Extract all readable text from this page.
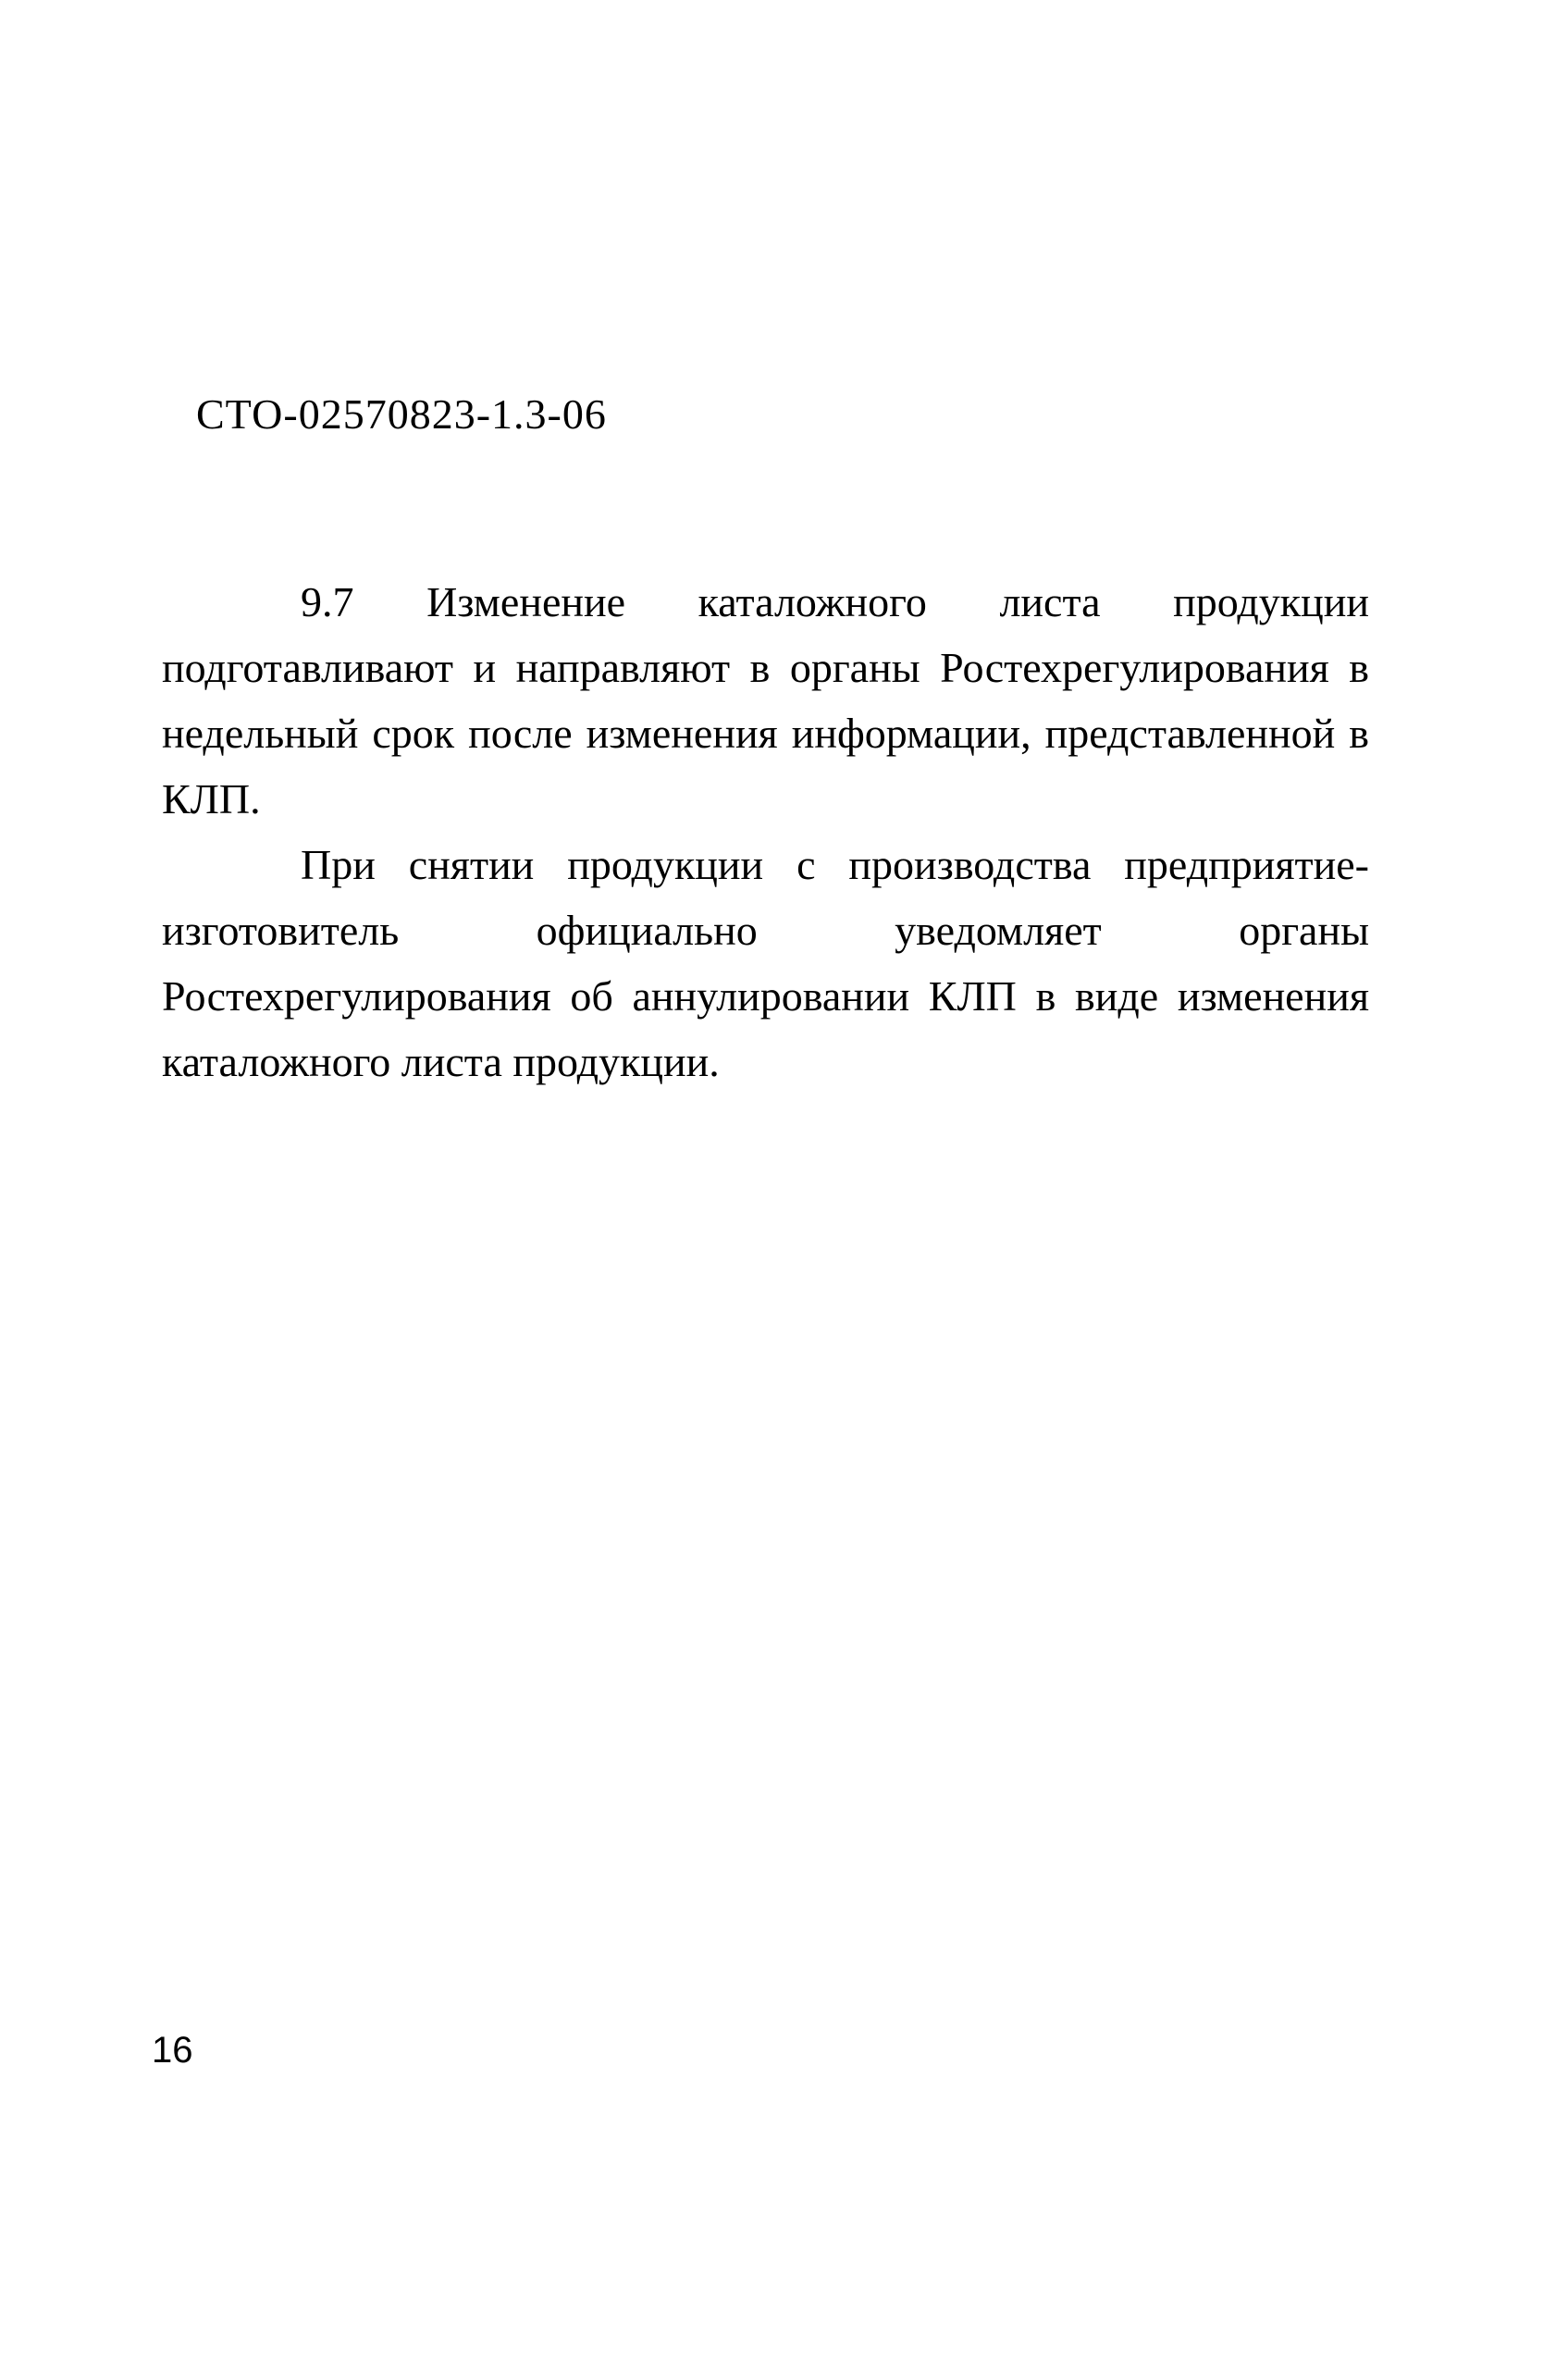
СТО-02570823-1.3-06

9.7 Изменение каталожного листа продукции подготавливают и направляют в органы Ростехрегулирования в недельный срок после изменения информации, представленной в КЛП.

При снятии продукции с производства предприятие-изготовитель официально уведомляет органы Ростехрегулирования об аннулировании КЛП в виде изменения каталожного листа продукции.

16
